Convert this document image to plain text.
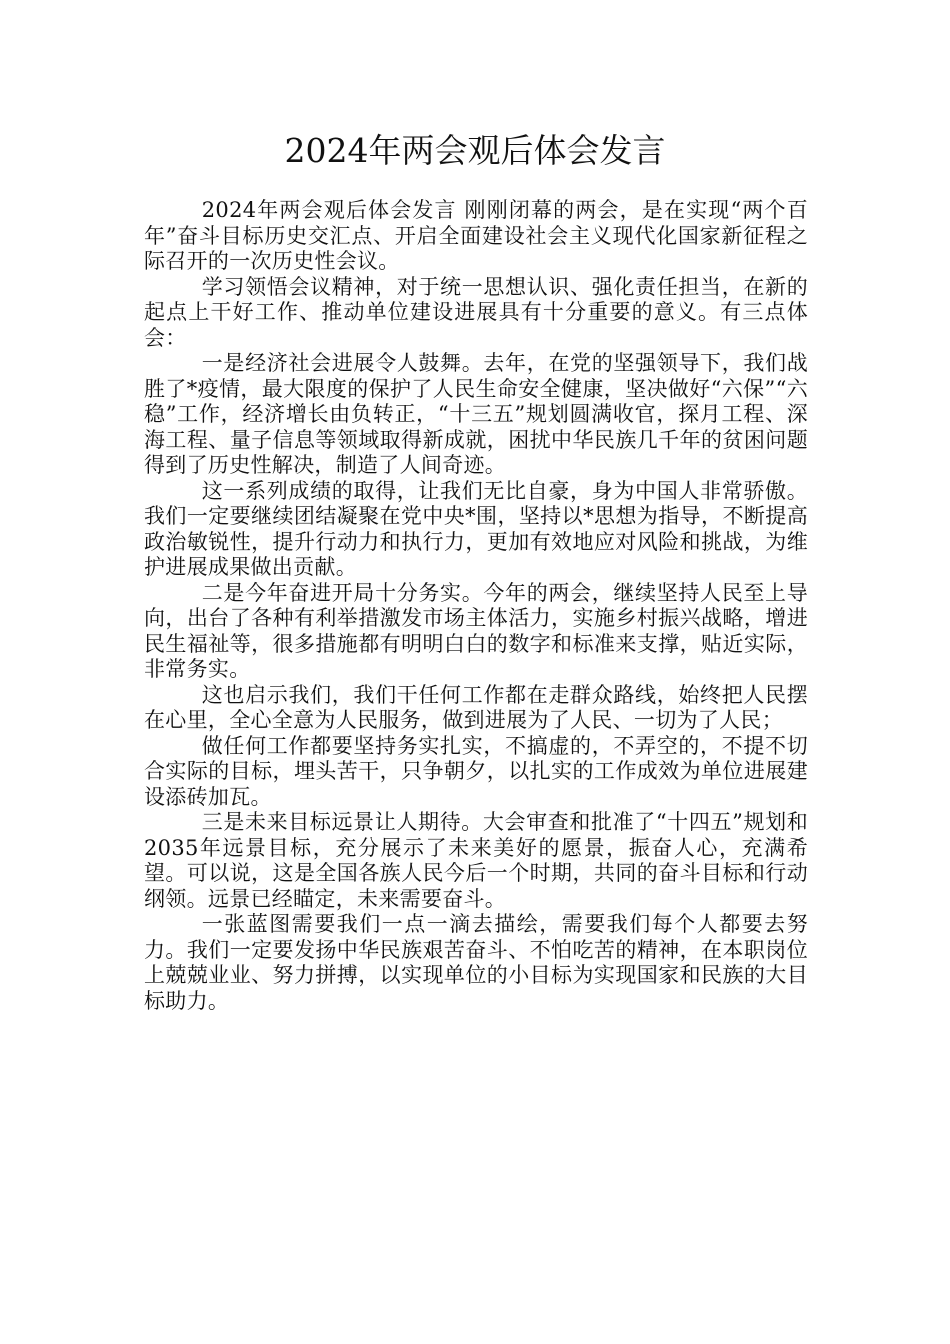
2024年两会观后体会发言

2024年两会观后体会发言 刚刚闭幕的两会，是在实现“两个百年”奋斗目标历史交汇点、开启全面建设社会主义现代化国家新征程之际召开的一次历史性会议。

学习领悟会议精神，对于统一思想认识、强化责任担当，在新的起点上干好工作、推动单位建设进展具有十分重要的意义。有三点体会：

一是经济社会进展令人鼓舞。去年，在党的坚强领导下，我们战胜了*疫情，最大限度的保护了人民生命安全健康，坚决做好“六保”“六稳”工作，经济增长由负转正，“十三五”规划圆满收官，探月工程、深海工程、量子信息等领域取得新成就，困扰中华民族几千年的贫困问题得到了历史性解决，制造了人间奇迹。

这一系列成绩的取得，让我们无比自豪，身为中国人非常骄傲。我们一定要继续团结凝聚在党中央*围，坚持以*思想为指导，不断提高政治敏锐性，提升行动力和执行力，更加有效地应对风险和挑战，为维护进展成果做出贡献。

二是今年奋进开局十分务实。今年的两会，继续坚持人民至上导向，出台了各种有利举措激发市场主体活力，实施乡村振兴战略，增进民生福祉等，很多措施都有明明白白的数字和标准来支撑，贴近实际，非常务实。

这也启示我们，我们干任何工作都在走群众路线，始终把人民摆在心里，全心全意为人民服务，做到进展为了人民、一切为了人民；

做任何工作都要坚持务实扎实，不搞虚的，不弄空的，不提不切合实际的目标，埋头苦干，只争朝夕，以扎实的工作成效为单位进展建设添砖加瓦。

三是未来目标远景让人期待。大会审查和批准了“十四五”规划和2035年远景目标，充分展示了未来美好的愿景，振奋人心，充满希望。可以说，这是全国各族人民今后一个时期，共同的奋斗目标和行动纲领。远景已经瞄定，未来需要奋斗。

一张蓝图需要我们一点一滴去描绘，需要我们每个人都要去努力。我们一定要发扬中华民族艰苦奋斗、不怕吃苦的精神，在本职岗位上兢兢业业、努力拼搏，以实现单位的小目标为实现国家和民族的大目标助力。
